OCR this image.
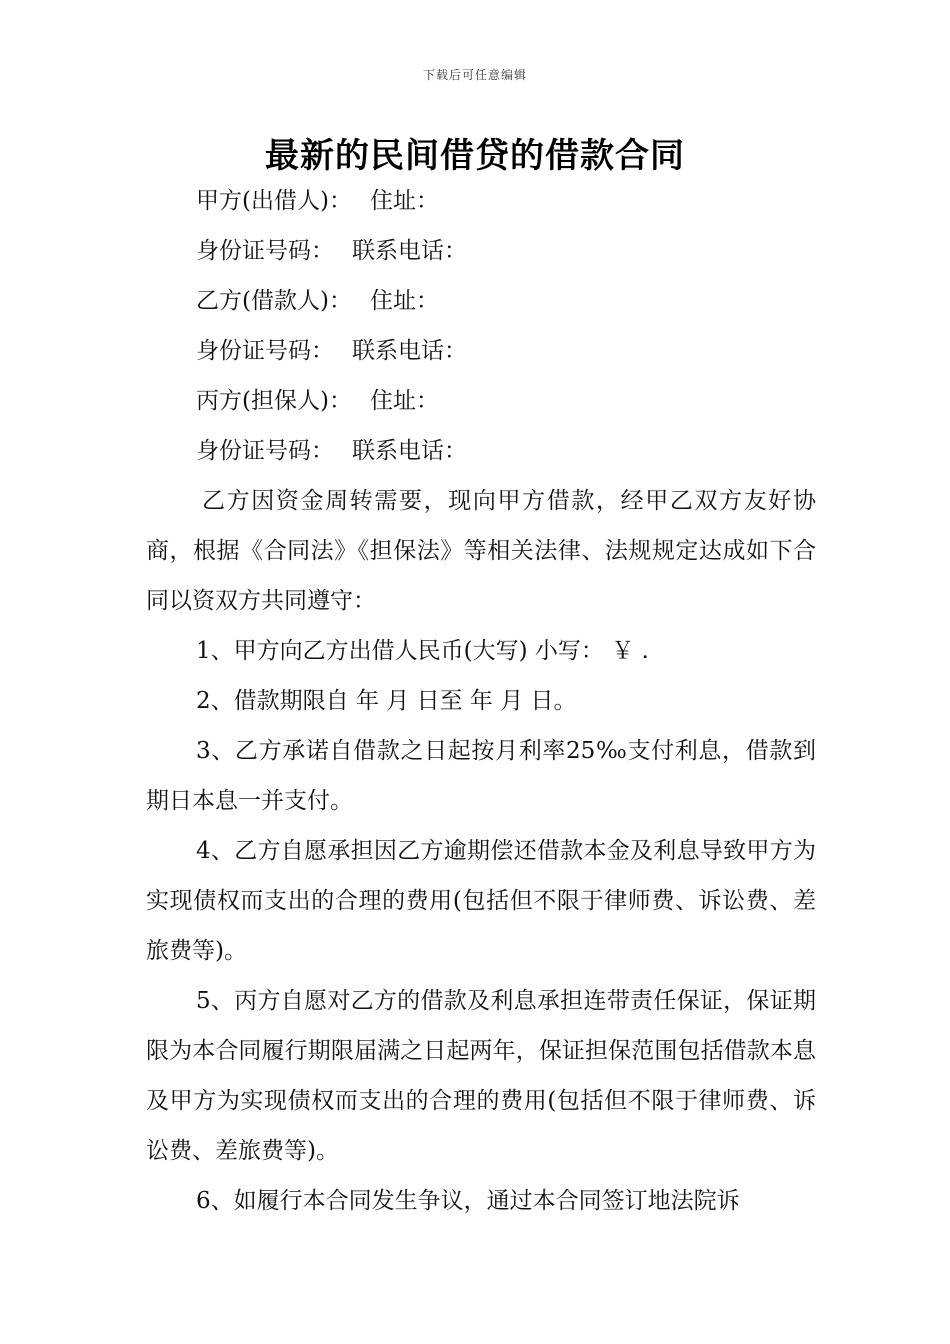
下载后可任意编辑
最新的民间借贷的借款合同
甲方(出借人)： 住址：
身份证号码： 联系电话：
乙方(借款人)： 住址：
身份证号码： 联系电话：
丙方(担保人)： 住址：
身份证号码： 联系电话：

乙方因资金周转需要，现向甲方借款，经甲乙双方友好协商，根据《合同法》《担保法》等相关法律、法规规定达成如下合同以资双方共同遵守：

1、甲方向乙方出借人民币(大写) 小写： ￥ .

2、借款期限自 年 月 日至 年 月 日。

3、乙方承诺自借款之日起按月利率25‰支付利息，借款到期日本息一并支付。

4、乙方自愿承担因乙方逾期偿还借款本金及利息导致甲方为实现债权而支出的合理的费用(包括但不限于律师费、诉讼费、差旅费等)。

5、丙方自愿对乙方的借款及利息承担连带责任保证，保证期限为本合同履行期限届满之日起两年，保证担保范围包括借款本息及甲方为实现债权而支出的合理的费用(包括但不限于律师费、诉讼费、差旅费等)。

6、如履行本合同发生争议，通过本合同签订地法院诉
